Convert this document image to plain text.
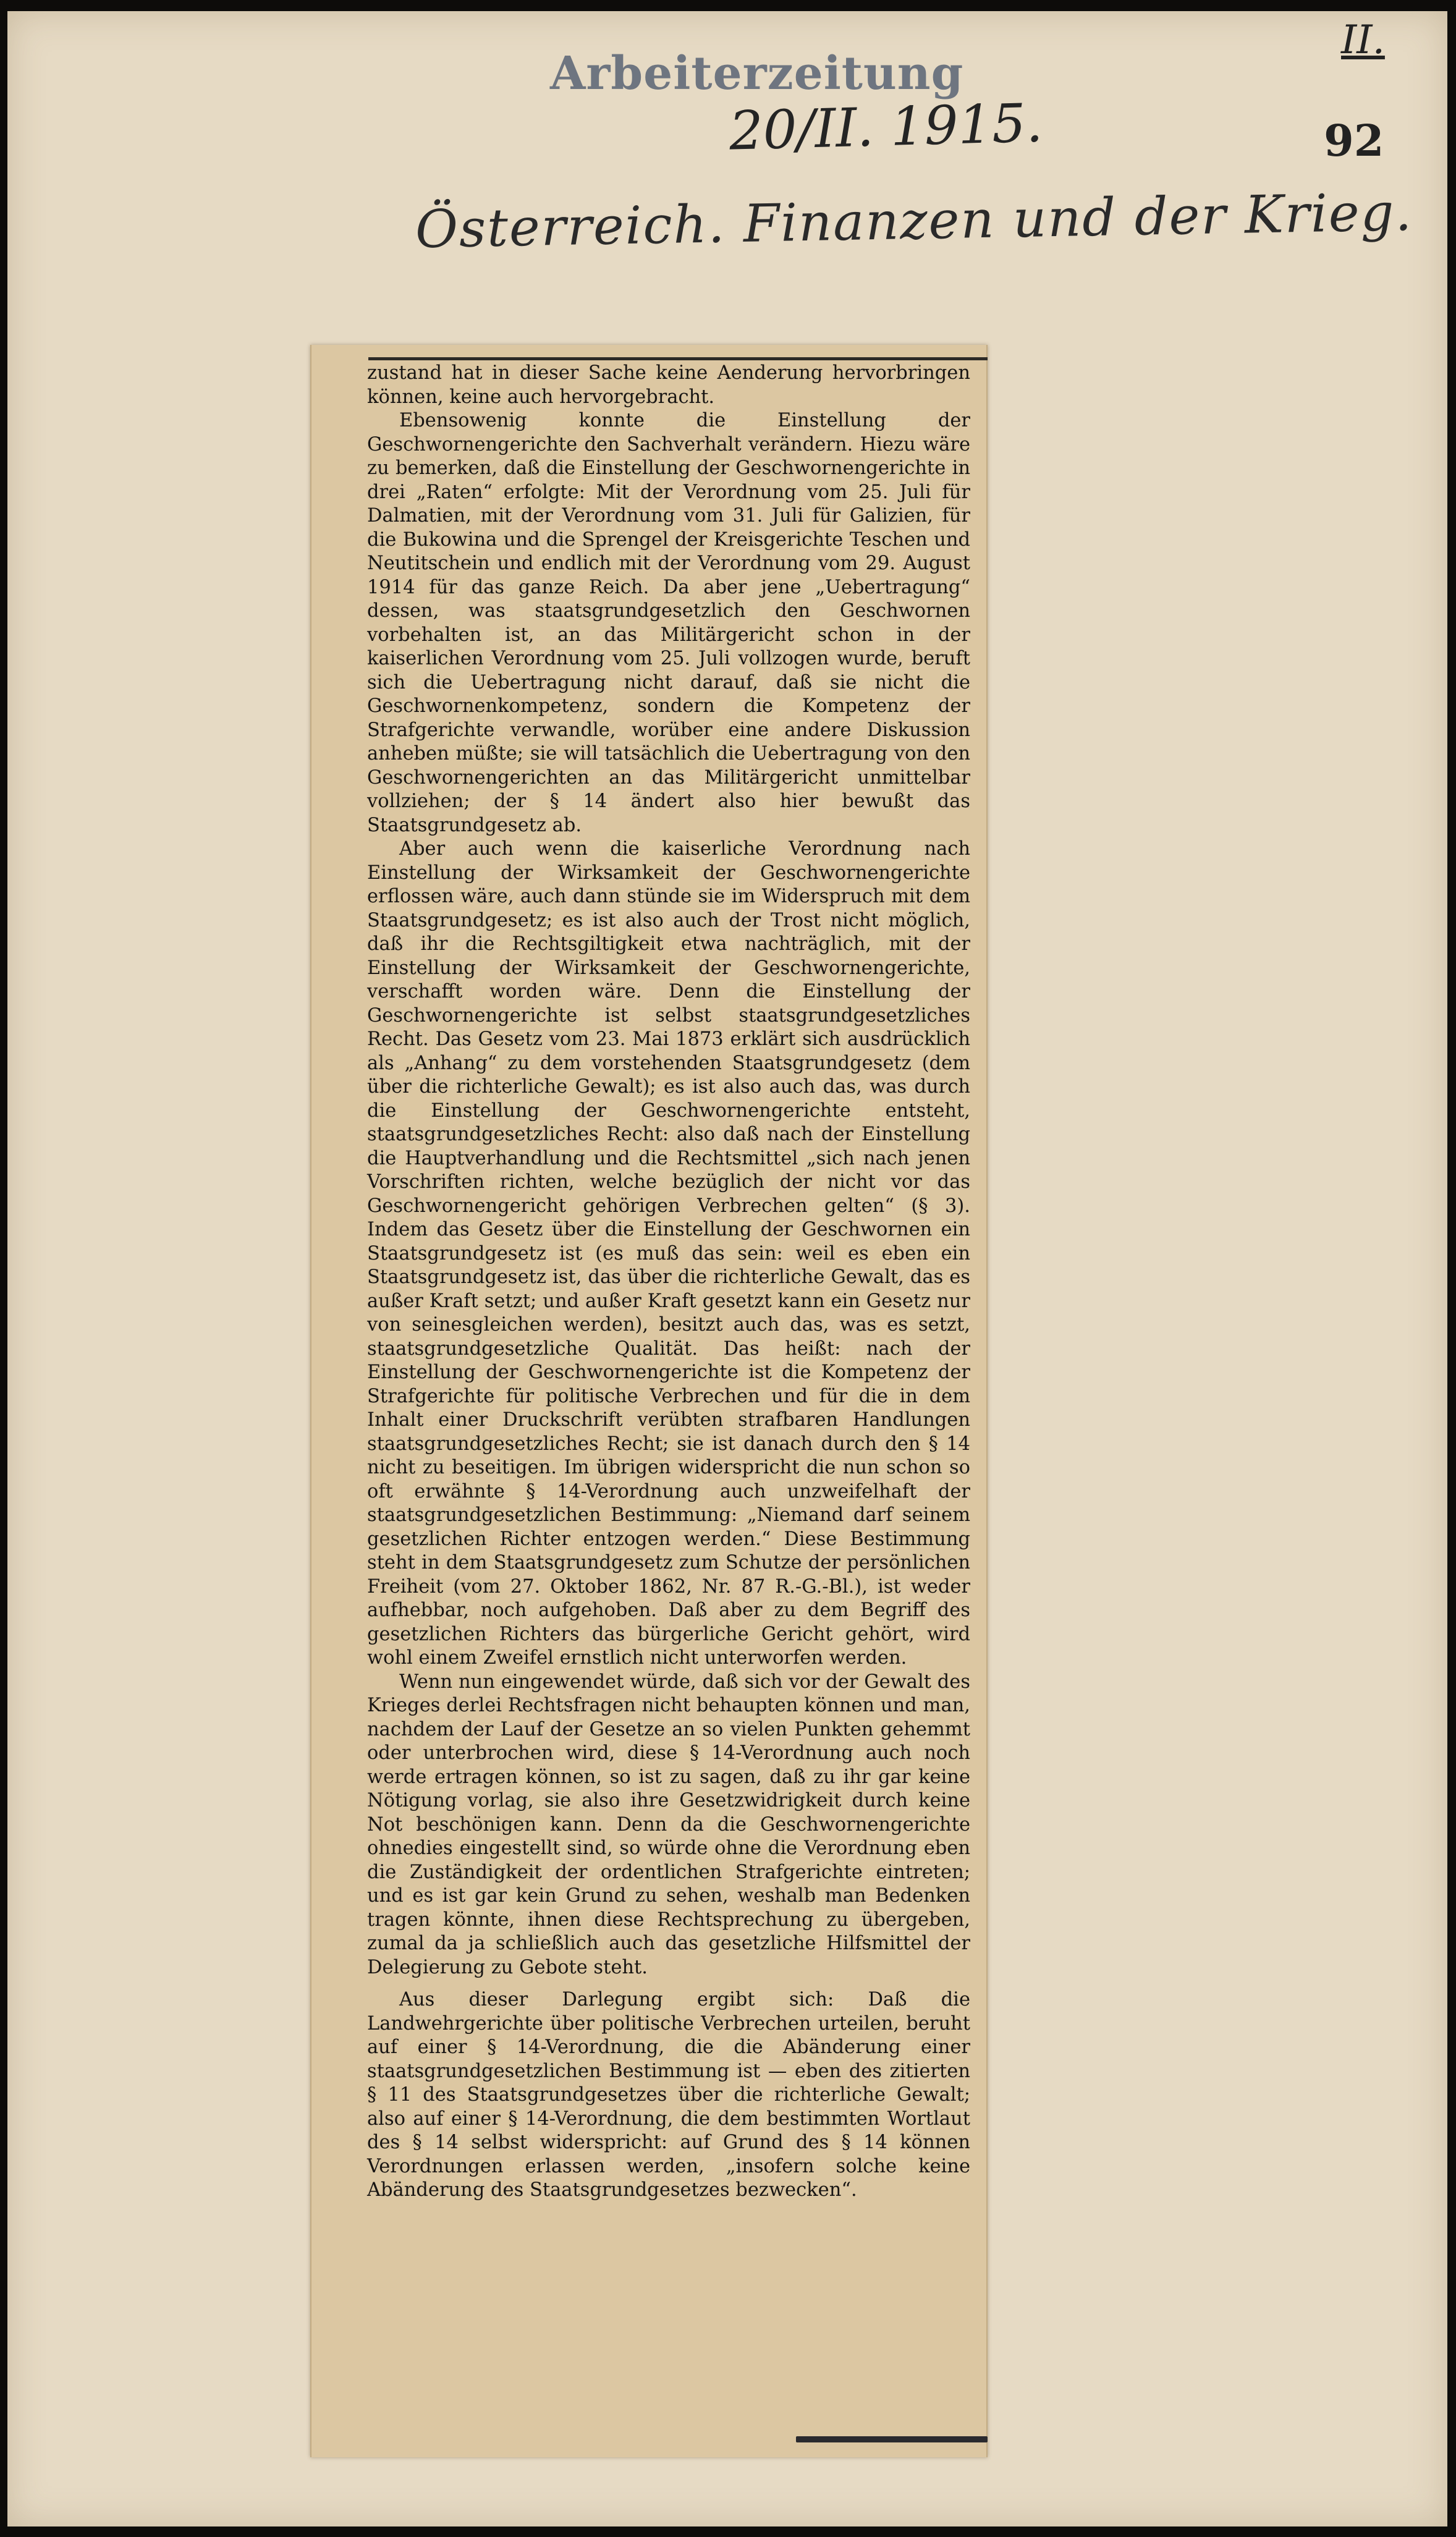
Arbeiterzeitung
20/II. 1915.
II.
92
Österreich. Finanzen und der Krieg.

zustand hat in dieser Sache keine Aenderung hervorbringen können, keine auch hervorgebracht.

Ebensowenig konnte die Einstellung der Geschwornengerichte den Sachverhalt verändern. Hiezu wäre zu bemerken, daß die Einstellung der Geschwornengerichte in drei „Raten“ erfolgte: Mit der Verordnung vom 25. Juli für Dalmatien, mit der Verordnung vom 31. Juli für Galizien, für die Bukowina und die Sprengel der Kreisgerichte Teschen und Neutitschein und endlich mit der Verordnung vom 29. August 1914 für das ganze Reich. Da aber jene „Uebertragung“ dessen, was staatsgrundgesetzlich den Geschwornen vorbehalten ist, an das Militärgericht schon in der kaiserlichen Verordnung vom 25. Juli vollzogen wurde, beruft sich die Uebertragung nicht darauf, daß sie nicht die Geschwornenkompetenz, sondern die Kompetenz der Strafgerichte verwandle, worüber eine andere Diskussion anheben müßte; sie will tatsächlich die Uebertragung von den Geschwornengerichten an das Militärgericht unmittelbar vollziehen; der § 14 ändert also hier bewußt das Staatsgrundgesetz ab.

Aber auch wenn die kaiserliche Verordnung nach Einstellung der Wirksamkeit der Geschwornengerichte erflossen wäre, auch dann stünde sie im Widerspruch mit dem Staatsgrundgesetz; es ist also auch der Trost nicht möglich, daß ihr die Rechtsgiltigkeit etwa nachträglich, mit der Einstellung der Wirksamkeit der Geschwornengerichte, verschafft worden wäre. Denn die Einstellung der Geschwornengerichte ist selbst staatsgrundgesetzliches Recht. Das Gesetz vom 23. Mai 1873 erklärt sich ausdrücklich als „Anhang“ zu dem vorstehenden Staatsgrundgesetz (dem über die richterliche Gewalt); es ist also auch das, was durch die Einstellung der Geschwornengerichte entsteht, staatsgrundgesetzliches Recht: also daß nach der Einstellung die Hauptverhandlung und die Rechtsmittel „sich nach jenen Vorschriften richten, welche bezüglich der nicht vor das Geschwornengericht gehörigen Verbrechen gelten“ (§ 3). Indem das Gesetz über die Einstellung der Geschwornen ein Staatsgrundgesetz ist (es muß das sein: weil es eben ein Staatsgrundgesetz ist, das über die richterliche Gewalt, das es außer Kraft setzt; und außer Kraft gesetzt kann ein Gesetz nur von seinesgleichen werden), besitzt auch das, was es setzt, staatsgrundgesetzliche Qualität. Das heißt: nach der Einstellung der Geschwornengerichte ist die Kompetenz der Strafgerichte für politische Verbrechen und für die in dem Inhalt einer Druckschrift verübten strafbaren Handlungen staatsgrundgesetzliches Recht; sie ist danach durch den § 14 nicht zu beseitigen. Im übrigen widerspricht die nun schon so oft erwähnte § 14-Verordnung auch unzweifelhaft der staatsgrundgesetzlichen Bestimmung: „Niemand darf seinem gesetzlichen Richter entzogen werden.“ Diese Bestimmung steht in dem Staatsgrundgesetz zum Schutze der persönlichen Freiheit (vom 27. Oktober 1862, Nr. 87 R.-G.-Bl.), ist weder aufhebbar, noch aufgehoben. Daß aber zu dem Begriff des gesetzlichen Richters das bürgerliche Gericht gehört, wird wohl einem Zweifel ernstlich nicht unterworfen werden.

Wenn nun eingewendet würde, daß sich vor der Gewalt des Krieges derlei Rechtsfragen nicht behaupten können und man, nachdem der Lauf der Gesetze an so vielen Punkten gehemmt oder unterbrochen wird, diese § 14-Verordnung auch noch werde ertragen können, so ist zu sagen, daß zu ihr gar keine Nötigung vorlag, sie also ihre Gesetzwidrigkeit durch keine Not beschönigen kann. Denn da die Geschwornengerichte ohnedies eingestellt sind, so würde ohne die Verordnung eben die Zuständigkeit der ordentlichen Strafgerichte eintreten; und es ist gar kein Grund zu sehen, weshalb man Bedenken tragen könnte, ihnen diese Rechtsprechung zu übergeben, zumal da ja schließlich auch das gesetzliche Hilfsmittel der Delegierung zu Gebote steht.

Aus dieser Darlegung ergibt sich: Daß die Landwehrgerichte über politische Verbrechen urteilen, beruht auf einer § 14-Verordnung, die die Abänderung einer staatsgrundgesetzlichen Bestimmung ist — eben des zitierten § 11 des Staatsgrundgesetzes über die richterliche Gewalt; also auf einer § 14-Verordnung, die dem bestimmten Wortlaut des § 14 selbst widerspricht: auf Grund des § 14 können Verordnungen erlassen werden, „insofern solche keine Abänderung des Staatsgrundgesetzes bezwecken“.
